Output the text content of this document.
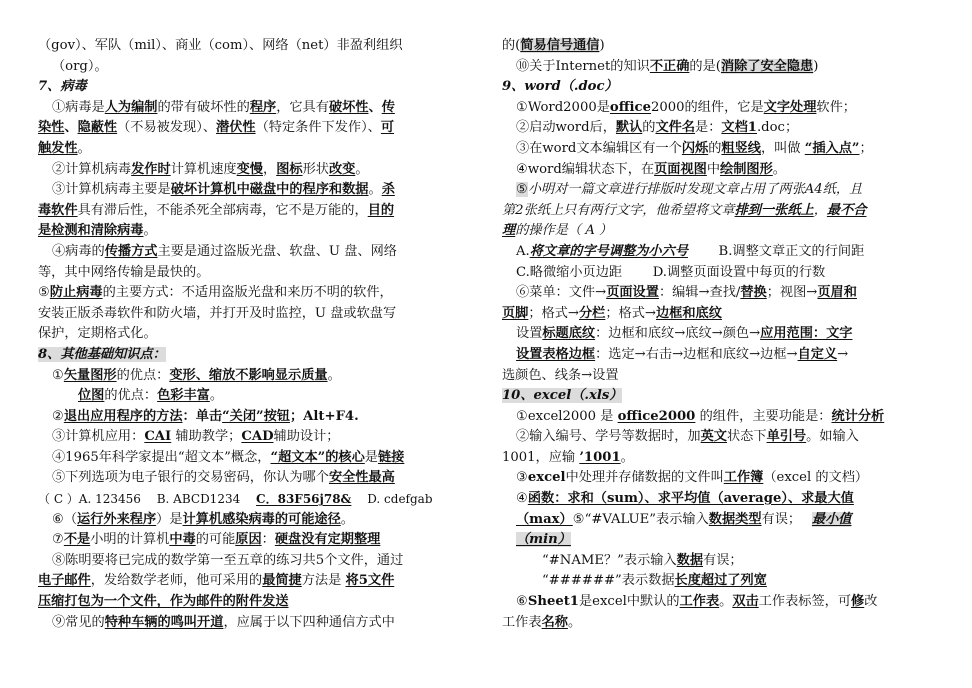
（gov）、军队（mil）、商业（com）、网络（net）非盈利组织
（org）。
7、病毒
①病毒是人为编制的带有破坏性的程序，它具有破坏性、传
染性、隐蔽性（不易被发现）、潜伏性（特定条件下发作）、可
触发性。
②计算机病毒发作时计算机速度变慢，图标形状改变。
③计算机病毒主要是破坏计算机中磁盘中的程序和数据。杀
毒软件具有滞后性，不能杀死全部病毒，它不是万能的，目的
是检测和清除病毒。
④病毒的传播方式主要是通过盗版光盘、软盘、U 盘、网络
等，其中网络传输是最快的。
⑤防止病毒的主要方式：不适用盗版光盘和来历不明的软件，
安装正版杀毒软件和防火墙，并打开及时监控，U 盘或软盘写
保护，定期格式化。
8、其他基础知识点：
①矢量图形的优点：变形、缩放不影响显示质量。
位图的优点：色彩丰富。
②退出应用程序的方法：单击“关闭”按钮；Alt+F4.
③计算机应用：CAI 辅助教学；CAD辅助设计；
④1965年科学家提出“超文本”概念，“超文本”的核心是链接
⑤下列选项为电子银行的交易密码，你认为哪个安全性最高
（ C ）A. 123456　 B. ABCD1234　 C．83F56j78&　 D. cdefgab
⑥（运行外来程序）是计算机感染病毒的可能途径。
⑦不是小明的计算机中毒的可能原因：硬盘没有定期整理
⑧陈明要将已完成的数学第一至五章的练习共5个文件，通过
电子邮件，发给数学老师，他可采用的最简捷方法是 将5文件
压缩打包为一个文件，作为邮件的附件发送
⑨常见的特种车辆的鸣叫开道，应属于以下四种通信方式中
的(简易信号通信)
⑩关于Internet的知识不正确的是(消除了安全隐患)
9、word（.doc）
①Word2000是office2000的组件，它是文字处理软件；
②启动word后，默认的文件名是：文档1.doc；
③在word文本编辑区有一个闪烁的粗竖线，叫做 “插入点”；
④word编辑状态下，在页面视图中绘制图形。
⑤小明对一篇文章进行排版时发现文章占用了两张A4纸，且
第2张纸上只有两行文字，他希望将文章排到一张纸上，最不合
理的操作是（ A ）
A.将文章的字号调整为小六号　　 B.调整文章正文的行间距
C.略微缩小页边距　　 D.调整页面设置中每页的行数
⑥菜单：文件→页面设置：编辑→查找/替换；视图→页眉和
页脚；格式→分栏；格式→边框和底纹
设置标题底纹：边框和底纹→底纹→颜色→应用范围：文字
设置表格边框：选定→右击→边框和底纹→边框→自定义→
选颜色、线条→设置
10、excel（.xls）
①excel2000 是 office2000 的组件，主要功能是：统计分析
②输入编号、学号等数据时，加英文状态下单引号。如输入
1001，应输 ’1001。
③excel中处理并存储数据的文件叫工作簿（excel 的文档）
④函数：求和（sum）、求平均值（average）、求最大值
（max）⑤“#VALUE”表示输入数据类型有误；　 最小值
（min）
“#NAME？”表示输入数据有误；
“######”表示数据长度超过了列宽
⑥Sheet1是excel中默认的工作表。双击工作表标签，可修改
工作表名称。
